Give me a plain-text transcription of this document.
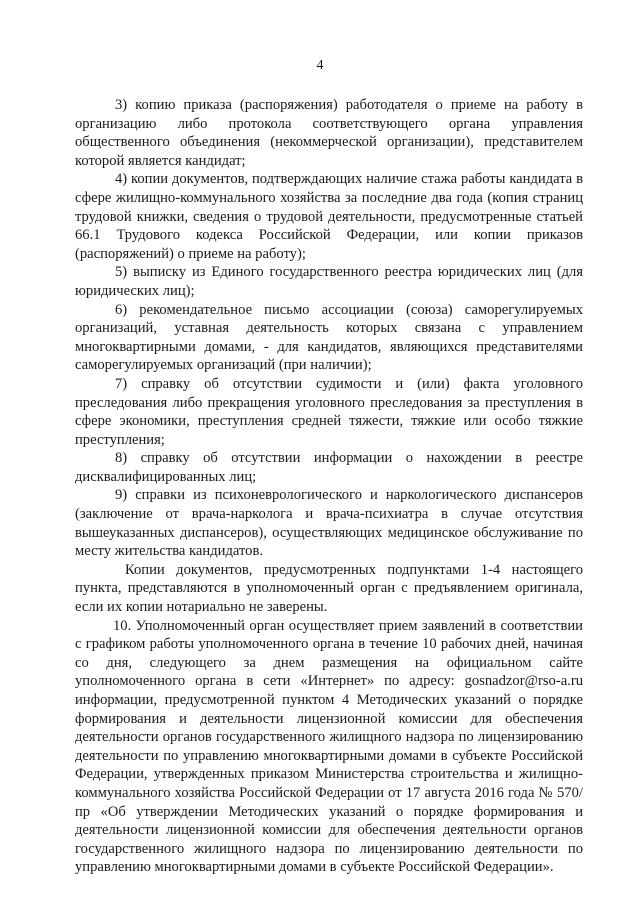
4

3) копию приказа (распоряжения) работодателя о приеме на работу в организацию либо протокола соответствующего органа управления общественного объединения (некоммерческой организации), представителем которой является кандидат;

4) копии документов, подтверждающих наличие стажа работы кандидата в сфере жилищно-коммунального хозяйства за последние два года (копия страниц трудовой книжки, сведения о трудовой деятельности, предусмотренные статьей 66.1 Трудового кодекса Российской Федерации, или копии приказов (распоряжений) о приеме на работу);

5) выписку из Единого государственного реестра юридических лиц (для юридических лиц);

6) рекомендательное письмо ассоциации (союза) саморегулируемых организаций, уставная деятельность которых связана с управлением многоквартирными домами, - для кандидатов, являющихся представителями саморегулируемых организаций (при наличии);

7) справку об отсутствии судимости и (или) факта уголовного преследования либо прекращения уголовного преследования за преступления в сфере экономики, преступления средней тяжести, тяжкие или особо тяжкие преступления;

8) справку об отсутствии информации о нахождении в реестре дисквалифицированных лиц;

9) справки из психоневрологического и наркологического диспансеров (заключение от врача-нарколога и врача-психиатра в случае отсутствия вышеуказанных диспансеров), осуществляющих медицинское обслуживание по месту жительства кандидатов.

Копии документов, предусмотренных подпунктами 1-4 настоящего пункта, представляются в уполномоченный орган с предъявлением оригинала, если их копии нотариально не заверены.

10. Уполномоченный орган осуществляет прием заявлений в соответствии с графиком работы уполномоченного органа в течение 10 рабочих дней, начиная со дня, следующего за днем размещения на официальном сайте уполномоченного органа в сети «Интернет» по адресу: gosnadzor@rso-a.ru информации, предусмотренной пунктом 4 Методических указаний о порядке формирования и деятельности лицензионной комиссии для обеспечения деятельности органов государственного жилищного надзора по лицензированию деятельности по управлению многоквартирными домами в субъекте Российской Федерации, утвержденных приказом Министерства строительства и жилищно-коммунального хозяйства Российской Федерации от 17 августа 2016 года № 570/пр «Об утверждении Методических указаний о порядке формирования и деятельности лицензионной комиссии для обеспечения деятельности органов государственного жилищного надзора по лицензированию деятельности по управлению многоквартирными домами в субъекте Российской Федерации».
